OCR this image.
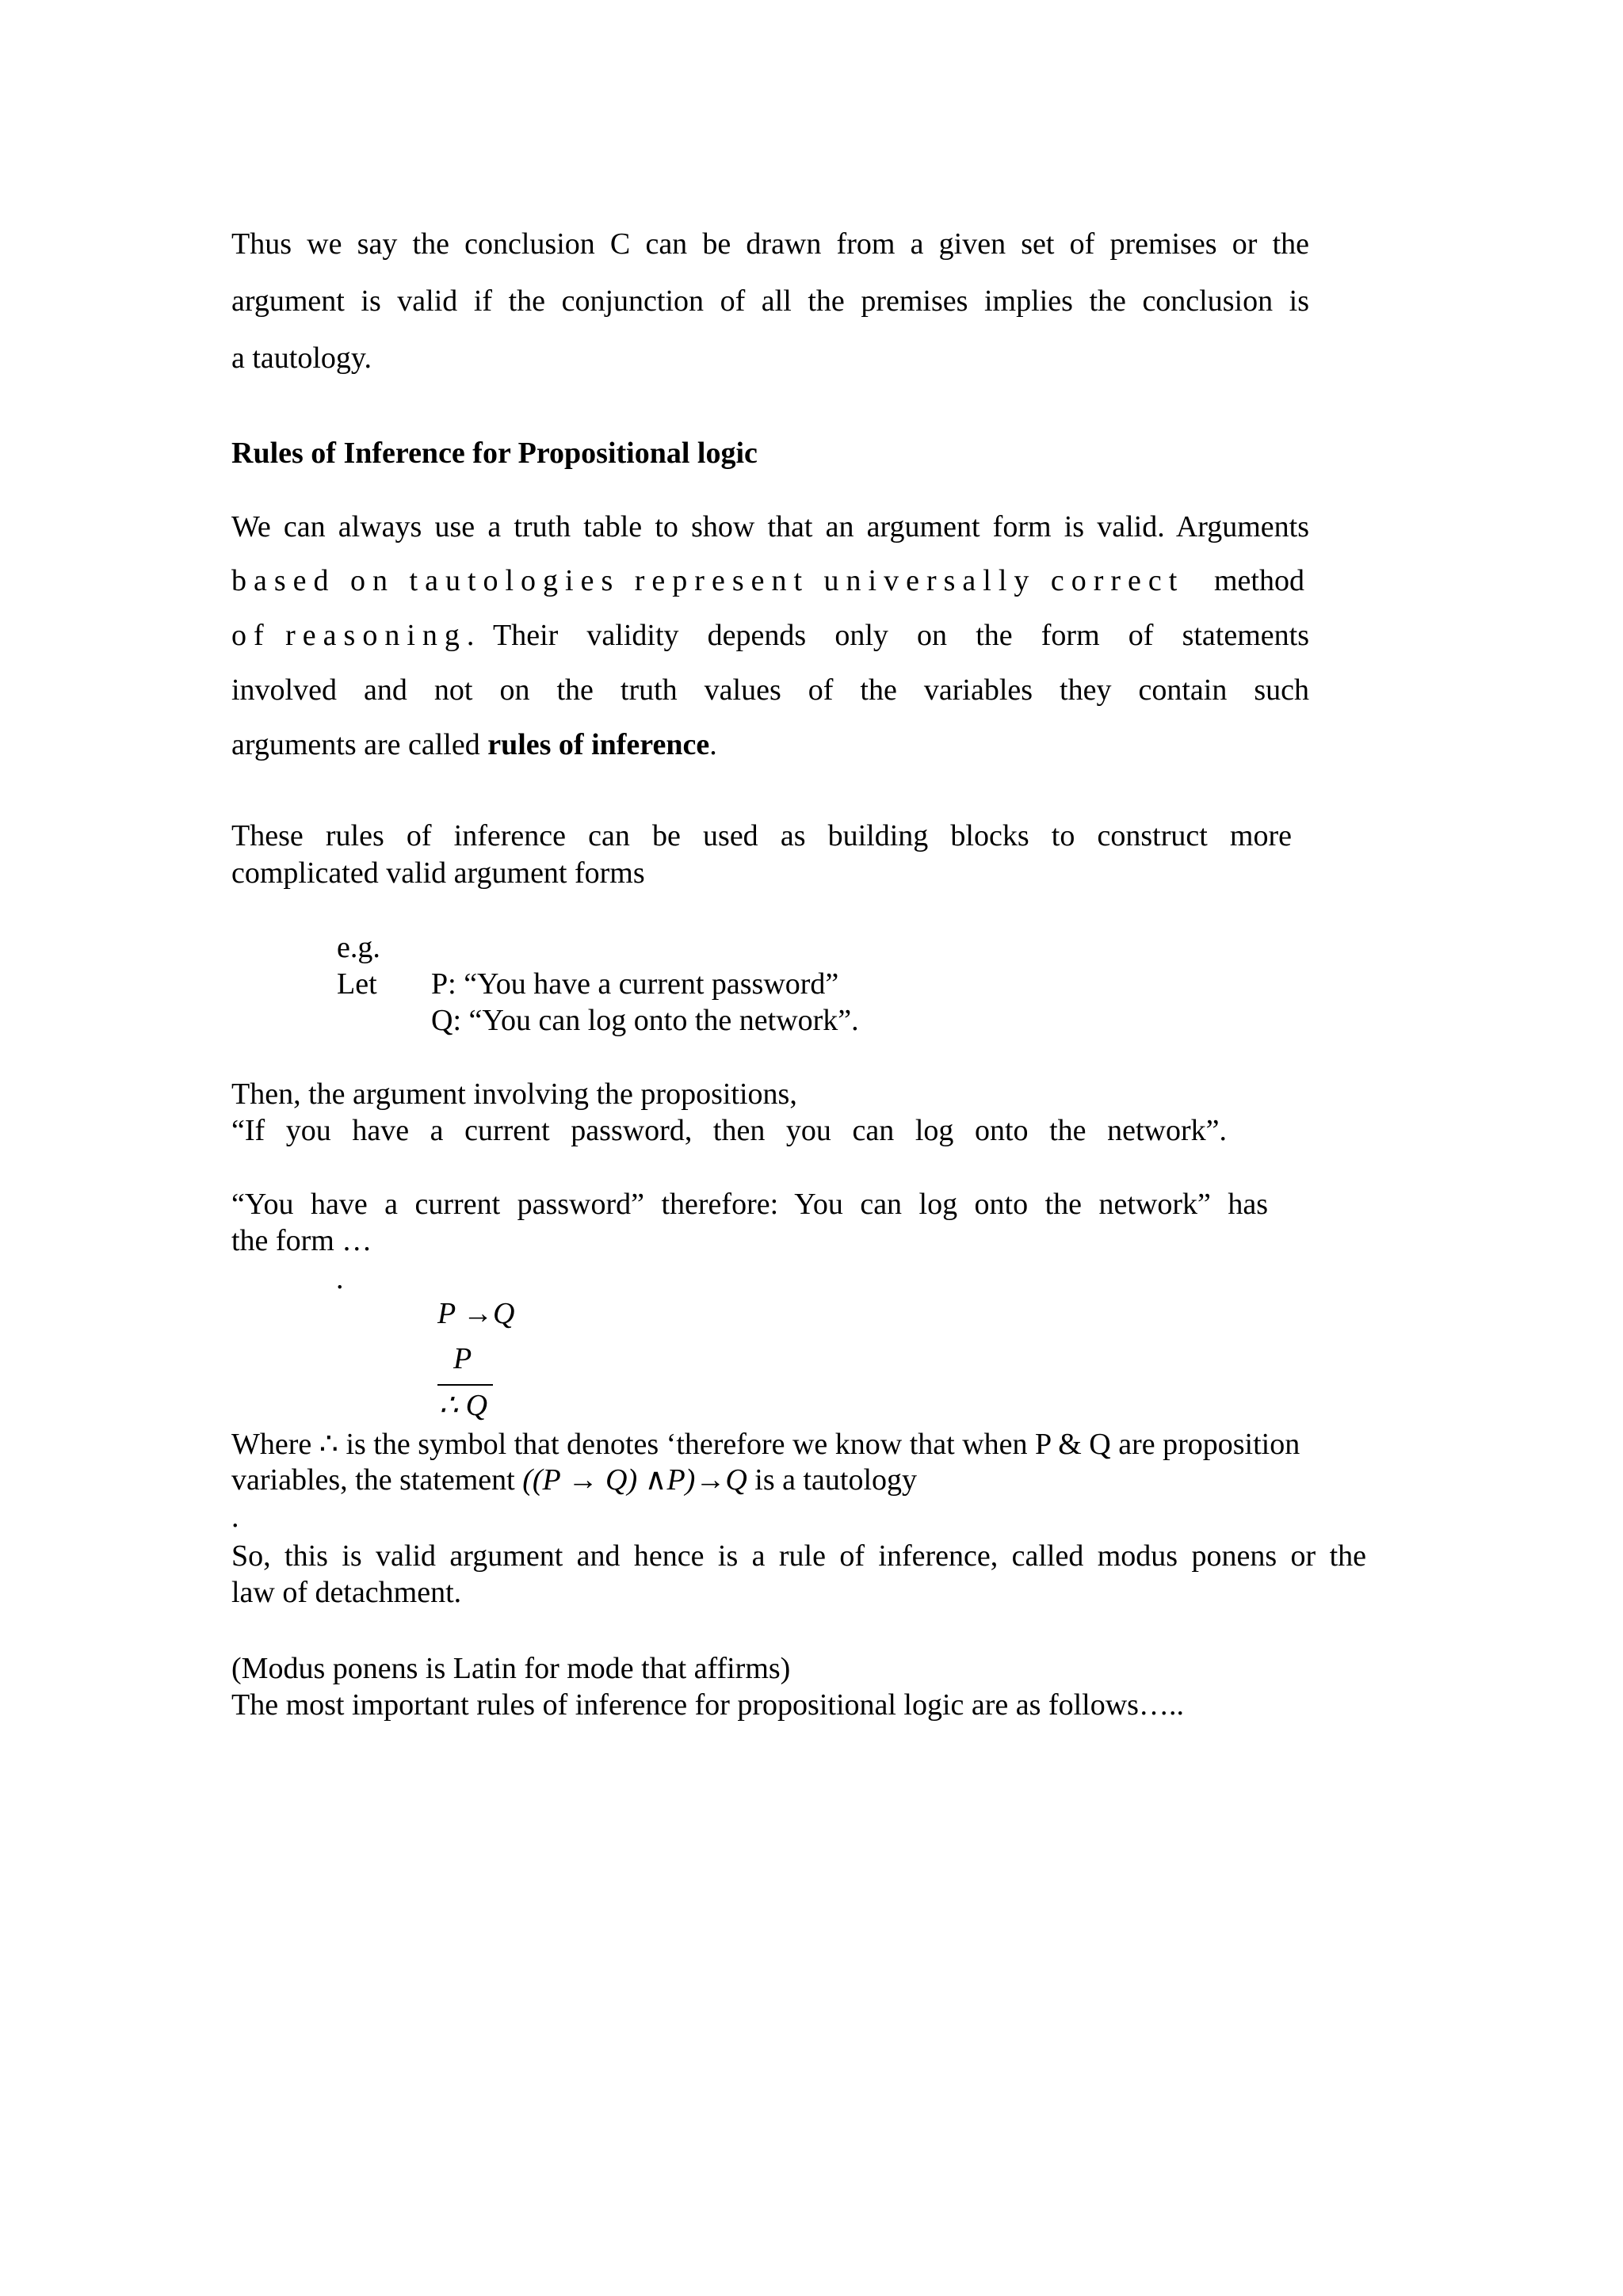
Thus we say the conclusion C can be drawn from a given set of premises or the

argument is valid if the conjunction of all the premises implies the conclusion is

a tautology.

Rules of Inference for Propositional logic

We can always use a truth table to show that an argument form is valid. Arguments

based on tautologies represent universally correct method

of reasoning. Their validity depends only on the form of statements

involved and not on the truth values of the variables they contain such

arguments are called rules of inference.

These rules of inference can be used as building blocks to construct more

complicated valid argument forms

e.g.

Let P: “You have a current password”

Q: “You can log onto the network”.

Then, the argument involving the propositions,

“If you have a current password, then you can log onto the network”.

“You have a current password” therefore: You can log onto the network” has

the form …

.

P →Q

P

∴ Q

Where ∴ is the symbol that denotes ‘therefore we know that when P & Q are proposition

variables, the statement ((P → Q) ∧P)→Q is a tautology

.

So, this is valid argument and hence is a rule of inference, called modus ponens or the

law of detachment.

(Modus ponens is Latin for mode that affirms)

The most important rules of inference for propositional logic are as follows…..
